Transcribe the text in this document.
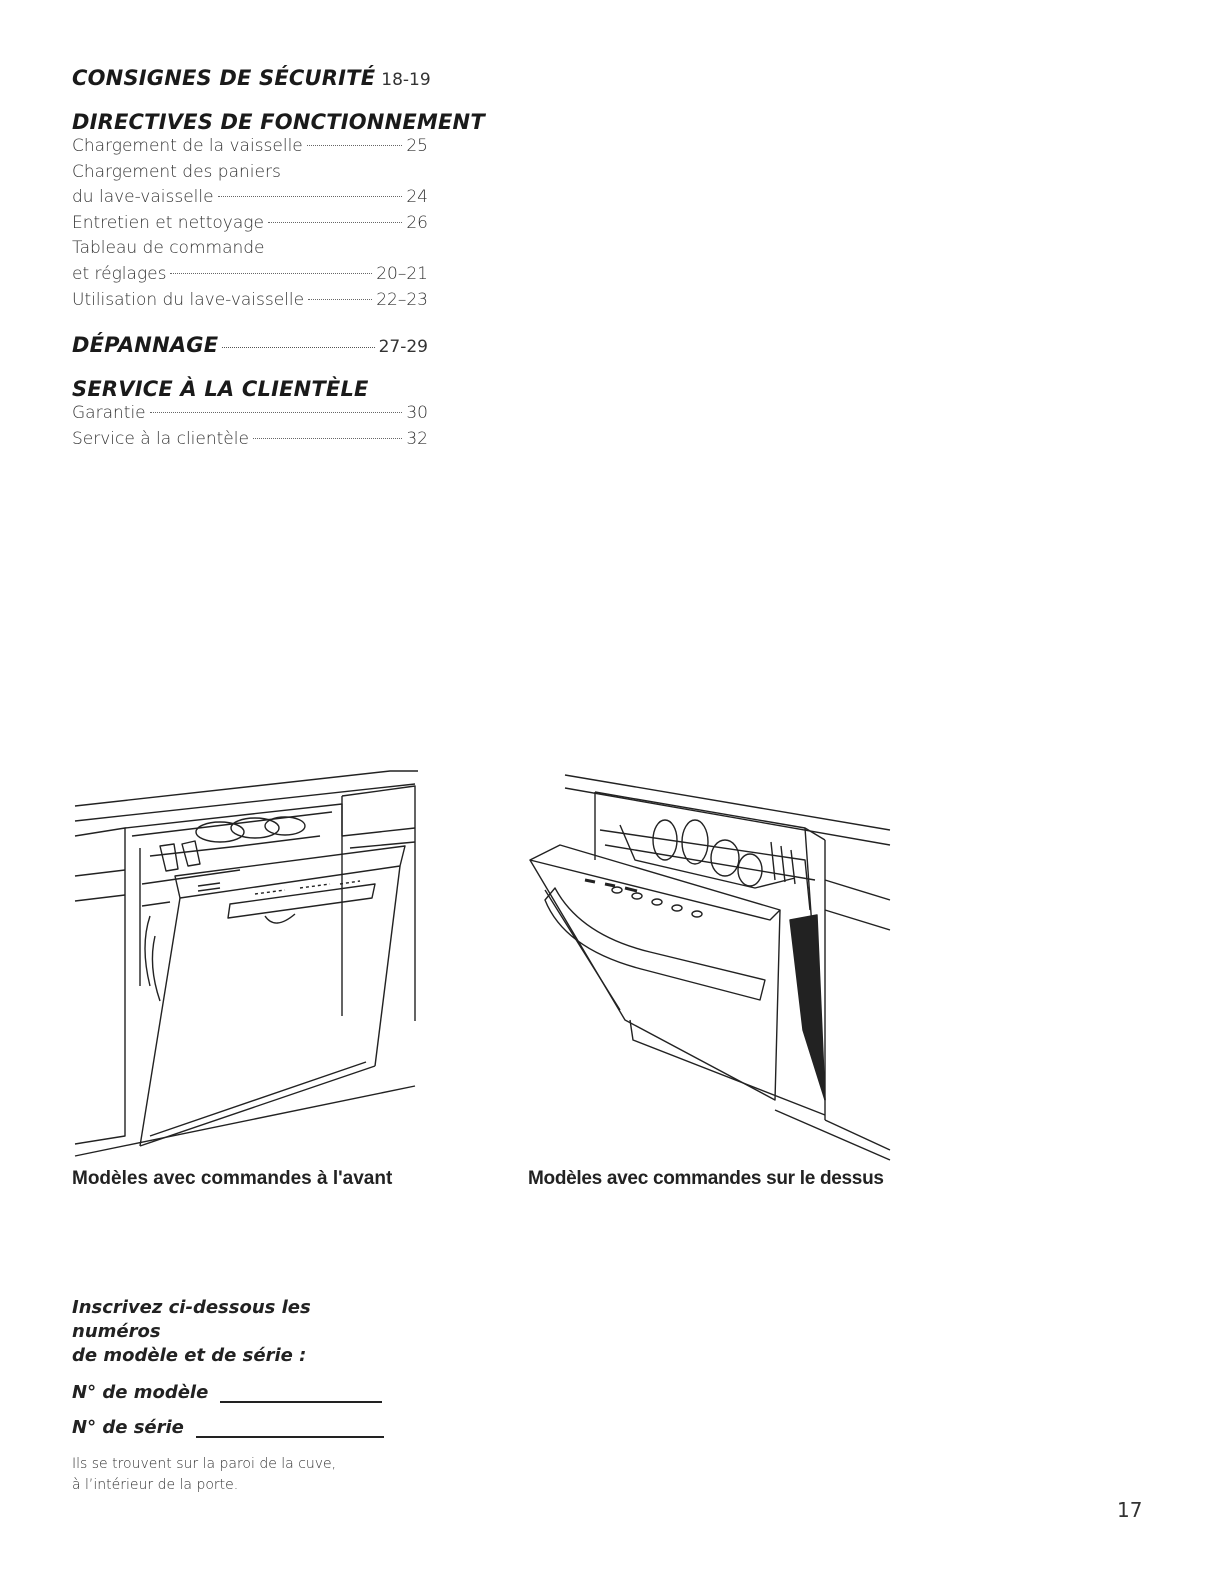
CONSIGNES DE SÉCURITÉ 18-19
DIRECTIVES DE FONCTIONNEMENT
Chargement de la vaisselle	25
Chargement des paniers
du lave-vaisselle	24
Entretien et nettoyage	26
Tableau de commande
et réglages	20–21
Utilisation du lave-vaisselle	22–23
DÉPANNAGE	27-29
SERVICE À LA CLIENTÈLE
Garantie	30
Service à la clientèle	32
Modèles avec commandes à l'avant	Modèles avec commandes sur le dessus
Inscrivez ci-dessous les numéros
de modèle et de série :
N° de modèle
N° de série
Ils se trouvent sur la paroi de la cuve,
à l’intérieur de la porte.
17
